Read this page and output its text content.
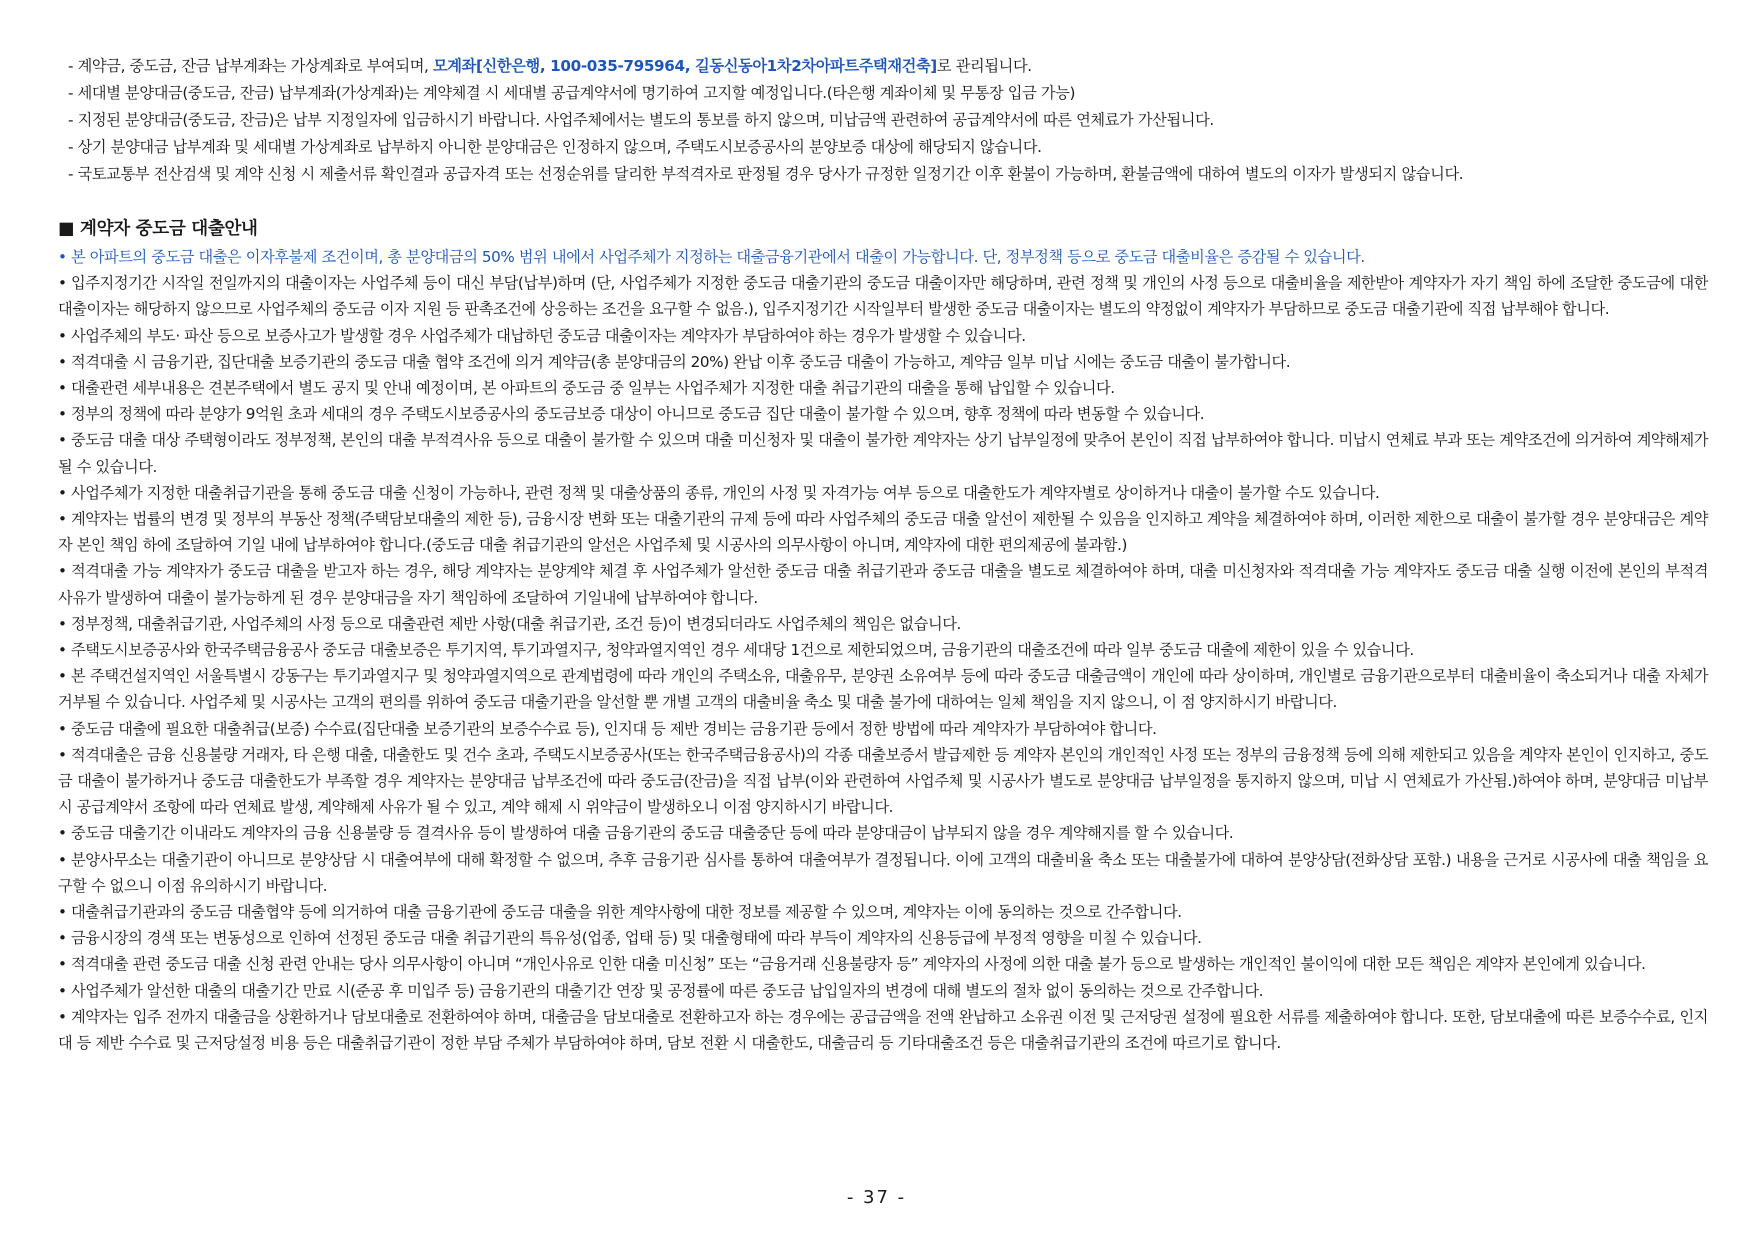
- 계약금, 중도금, 잔금 납부계좌는 가상계좌로 부여되며, 모계좌[신한은행, 100-035-795964, 길동신동아1차2차아파트주택재건축]로 관리됩니다.
- 세대별 분양대금(중도금, 잔금) 납부계좌(가상계좌)는 계약체결 시 세대별 공급계약서에 명기하여 고지할 예정입니다.(타은행 계좌이체 및 무통장 입금 가능)
- 지정된 분양대금(중도금, 잔금)은 납부 지정일자에 입금하시기 바랍니다. 사업주체에서는 별도의 통보를 하지 않으며, 미납금액 관련하여 공급계약서에 따른 연체료가 가산됩니다.
- 상기 분양대금 납부계좌 및 세대별 가상계좌로 납부하지 아니한 분양대금은 인정하지 않으며, 주택도시보증공사의 분양보증 대상에 해당되지 않습니다.
- 국토교통부 전산검색 및 계약 신청 시 제출서류 확인결과 공급자격 또는 선정순위를 달리한 부적격자로 판정될 경우 당사가 규정한 일정기간 이후 환불이 가능하며, 환불금액에 대하여 별도의 이자가 발생되지 않습니다.
■ 계약자 중도금 대출안내
• 본 아파트의 중도금 대출은 이자후불제 조건이며, 총 분양대금의 50% 범위 내에서 사업주체가 지정하는 대출금융기관에서 대출이 가능합니다. 단, 정부정책 등으로 중도금 대출비율은 증감될 수 있습니다.
• 입주지정기간 시작일 전일까지의 대출이자는 사업주체 등이 대신 부담(납부)하며 (단, 사업주체가 지정한 중도금 대출기관의 중도금 대출이자만 해당하며, 관련 정책 및 개인의 사정 등으로 대출비율을 제한받아 계약자가 자기 책임 하에 조달한 중도금에 대한 대출이자는 해당하지 않으므로 사업주체의 중도금 이자 지원 등 판촉조건에 상응하는 조건을 요구할 수 없음.), 입주지정기간 시작일부터 발생한 중도금 대출이자는 별도의 약정없이 계약자가 부담하므로 중도금 대출기관에 직접 납부해야 합니다.
• 사업주체의 부도· 파산 등으로 보증사고가 발생할 경우 사업주체가 대납하던 중도금 대출이자는 계약자가 부담하여야 하는 경우가 발생할 수 있습니다.
• 적격대출 시 금융기관, 집단대출 보증기관의 중도금 대출 협약 조건에 의거 계약금(총 분양대금의 20%) 완납 이후 중도금 대출이 가능하고, 계약금 일부 미납 시에는 중도금 대출이 불가합니다.
• 대출관련 세부내용은 견본주택에서 별도 공지 및 안내 예정이며, 본 아파트의 중도금 중 일부는 사업주체가 지정한 대출 취급기관의 대출을 통해 납입할 수 있습니다.
• 정부의 정책에 따라 분양가 9억원 초과 세대의 경우 주택도시보증공사의 중도금보증 대상이 아니므로 중도금 집단 대출이 불가할 수 있으며, 향후 정책에 따라 변동할 수 있습니다.
• 중도금 대출 대상 주택형이라도 정부정책, 본인의 대출 부적격사유 등으로 대출이 불가할 수 있으며 대출 미신청자 및 대출이 불가한 계약자는 상기 납부일정에 맞추어 본인이 직접 납부하여야 합니다. 미납시 연체료 부과 또는 계약조건에 의거하여 계약해제가 될 수 있습니다.
• 사업주체가 지정한 대출취급기관을 통해 중도금 대출 신청이 가능하나, 관련 정책 및 대출상품의 종류, 개인의 사정 및 자격가능 여부 등으로 대출한도가 계약자별로 상이하거나 대출이 불가할 수도 있습니다.
• 계약자는 법률의 변경 및 정부의 부동산 정책(주택담보대출의 제한 등), 금융시장 변화 또는 대출기관의 규제 등에 따라 사업주체의 중도금 대출 알선이 제한될 수 있음을 인지하고 계약을 체결하여야 하며, 이러한 제한으로 대출이 불가할 경우 분양대금은 계약자 본인 책임 하에 조달하여 기일 내에 납부하여야 합니다.(중도금 대출 취급기관의 알선은 사업주체 및 시공사의 의무사항이 아니며, 계약자에 대한 편의제공에 불과함.)
• 적격대출 가능 계약자가 중도금 대출을 받고자 하는 경우, 해당 계약자는 분양계약 체결 후 사업주체가 알선한 중도금 대출 취급기관과 중도금 대출을 별도로 체결하여야 하며, 대출 미신청자와 적격대출 가능 계약자도 중도금 대출 실행 이전에 본인의 부적격 사유가 발생하여 대출이 불가능하게 된 경우 분양대금을 자기 책임하에 조달하여 기일내에 납부하여야 합니다.
• 정부정책, 대출취급기관, 사업주체의 사정 등으로 대출관련 제반 사항(대출 취급기관, 조건 등)이 변경되더라도 사업주체의 책임은 없습니다.
• 주택도시보증공사와 한국주택금융공사 중도금 대출보증은 투기지역, 투기과열지구, 청약과열지역인 경우 세대당 1건으로 제한되었으며, 금융기관의 대출조건에 따라 일부 중도금 대출에 제한이 있을 수 있습니다.
• 본 주택건설지역인 서울특별시 강동구는 투기과열지구 및 청약과열지역으로 관계법령에 따라 개인의 주택소유, 대출유무, 분양권 소유여부 등에 따라 중도금 대출금액이 개인에 따라 상이하며, 개인별로 금융기관으로부터 대출비율이 축소되거나 대출 자체가 거부될 수 있습니다. 사업주체 및 시공사는 고객의 편의를 위하여 중도금 대출기관을 알선할 뿐 개별 고객의 대출비율 축소 및 대출 불가에 대하여는 일체 책임을 지지 않으니, 이 점 양지하시기 바랍니다.
• 중도금 대출에 필요한 대출취급(보증) 수수료(집단대출 보증기관의 보증수수료 등), 인지대 등 제반 경비는 금융기관 등에서 정한 방법에 따라 계약자가 부담하여야 합니다.
• 적격대출은 금융 신용불량 거래자, 타 은행 대출, 대출한도 및 건수 초과, 주택도시보증공사(또는 한국주택금융공사)의 각종 대출보증서 발급제한 등 계약자 본인의 개인적인 사정 또는 정부의 금융정책 등에 의해 제한되고 있음을 계약자 본인이 인지하고, 중도금 대출이 불가하거나 중도금 대출한도가 부족할 경우 계약자는 분양대금 납부조건에 따라 중도금(잔금)을 직접 납부(이와 관련하여 사업주체 및 시공사가 별도로 분양대금 납부일정을 통지하지 않으며, 미납 시 연체료가 가산됨.)하여야 하며, 분양대금 미납부 시 공급계약서 조항에 따라 연체료 발생, 계약해제 사유가 될 수 있고, 계약 해제 시 위약금이 발생하오니 이점 양지하시기 바랍니다.
• 중도금 대출기간 이내라도 계약자의 금융 신용불량 등 결격사유 등이 발생하여 대출 금융기관의 중도금 대출중단 등에 따라 분양대금이 납부되지 않을 경우 계약해지를 할 수 있습니다.
• 분양사무소는 대출기관이 아니므로 분양상담 시 대출여부에 대해 확정할 수 없으며, 추후 금융기관 심사를 통하여 대출여부가 결정됩니다. 이에 고객의 대출비율 축소 또는 대출불가에 대하여 분양상담(전화상담 포함.) 내용을 근거로 시공사에 대출 책임을 요구할 수 없으니 이점 유의하시기 바랍니다.
• 대출취급기관과의 중도금 대출협약 등에 의거하여 대출 금융기관에 중도금 대출을 위한 계약사항에 대한 정보를 제공할 수 있으며, 계약자는 이에 동의하는 것으로 간주합니다.
• 금융시장의 경색 또는 변동성으로 인하여 선정된 중도금 대출 취급기관의 특유성(업종, 업태 등) 및 대출형태에 따라 부득이 계약자의 신용등급에 부정적 영향을 미칠 수 있습니다.
• 적격대출 관련 중도금 대출 신청 관련 안내는 당사 의무사항이 아니며 “개인사유로 인한 대출 미신청” 또는 “금융거래 신용불량자 등” 계약자의 사정에 의한 대출 불가 등으로 발생하는 개인적인 불이익에 대한 모든 책임은 계약자 본인에게 있습니다.
• 사업주체가 알선한 대출의 대출기간 만료 시(준공 후 미입주 등) 금융기관의 대출기간 연장 및 공정률에 따른 중도금 납입일자의 변경에 대해 별도의 절차 없이 동의하는 것으로 간주합니다.
• 계약자는 입주 전까지 대출금을 상환하거나 담보대출로 전환하여야 하며, 대출금을 담보대출로 전환하고자 하는 경우에는 공급금액을 전액 완납하고 소유권 이전 및 근저당권 설정에 필요한 서류를 제출하여야 합니다. 또한, 담보대출에 따른 보증수수료, 인지대 등 제반 수수료 및 근저당설정 비용 등은 대출취급기관이 정한 부담 주체가 부담하여야 하며, 담보 전환 시 대출한도, 대출금리 등 기타대출조건 등은 대출취급기관의 조건에 따르기로 합니다.
- 37 -
